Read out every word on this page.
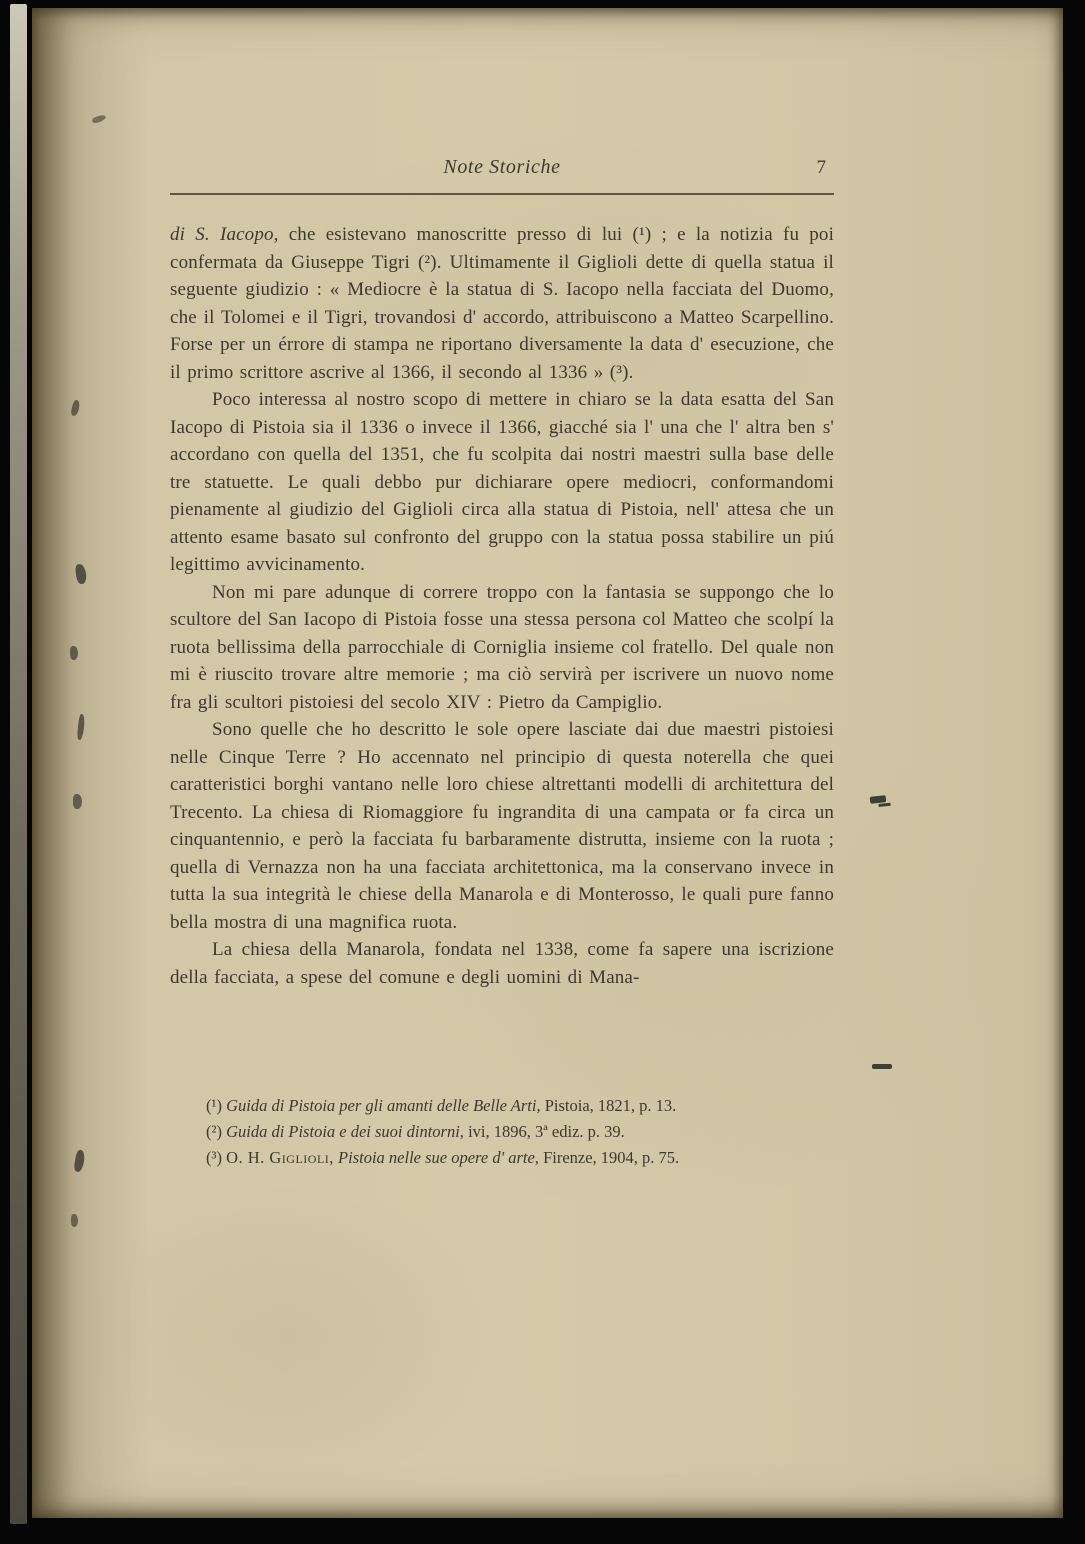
Note Storiche	7

di S. Iacopo, che esistevano manoscritte presso di lui (¹) ; e la notizia fu poi confermata da Giuseppe Tigri (²). Ultimamente il Giglioli dette di quella statua il seguente giudizio : « Mediocre è la statua di S. Iacopo nella facciata del Duomo, che il Tolomei e il Tigri, trovandosi d' accordo, attribuiscono a Matteo Scarpellino. Forse per un érrore di stampa ne riportano diversamente la data d' esecuzione, che il primo scrittore ascrive al 1366, il secondo al 1336 » (³).

Poco interessa al nostro scopo di mettere in chiaro se la data esatta del San Iacopo di Pistoia sia il 1336 o invece il 1366, giacché sia l' una che l' altra ben s' accordano con quella del 1351, che fu scolpita dai nostri maestri sulla base delle tre statuette. Le quali debbo pur dichiarare opere mediocri, conformandomi pienamente al giudizio del Giglioli circa alla statua di Pistoia, nell' attesa che un attento esame basato sul confronto del gruppo con la statua possa stabilire un piú legittimo avvicinamento.

Non mi pare adunque di correre troppo con la fantasia se suppongo che lo scultore del San Iacopo di Pistoia fosse una stessa persona col Matteo che scolpí la ruota bellissima della parrocchiale di Corniglia insieme col fratello. Del quale non mi è riuscito trovare altre memorie ; ma ciò servirà per iscrivere un nuovo nome fra gli scultori pistoiesi del secolo XIV : Pietro da Campiglio.

Sono quelle che ho descritto le sole opere lasciate dai due maestri pistoiesi nelle Cinque Terre ? Ho accennato nel principio di questa noterella che quei caratteristici borghi vantano nelle loro chiese altrettanti modelli di architettura del Trecento. La chiesa di Riomaggiore fu ingrandita di una campata or fa circa un cinquantennio, e però la facciata fu barbaramente distrutta, insieme con la ruota ; quella di Vernazza non ha una facciata architettonica, ma la conservano invece in tutta la sua integrità le chiese della Manarola e di Monterosso, le quali pure fanno bella mostra di una magnifica ruota.

La chiesa della Manarola, fondata nel 1338, come fa sapere una iscrizione della facciata, a spese del comune e degli uomini di Mana-

(¹) Guida di Pistoia per gli amanti delle Belle Arti, Pistoia, 1821, p. 13.

(²) Guida di Pistoia e dei suoi dintorni, ivi, 1896, 3ª ediz. p. 39.

(³) O. H. Giglioli, Pistoia nelle sue opere d' arte, Firenze, 1904, p. 75.
